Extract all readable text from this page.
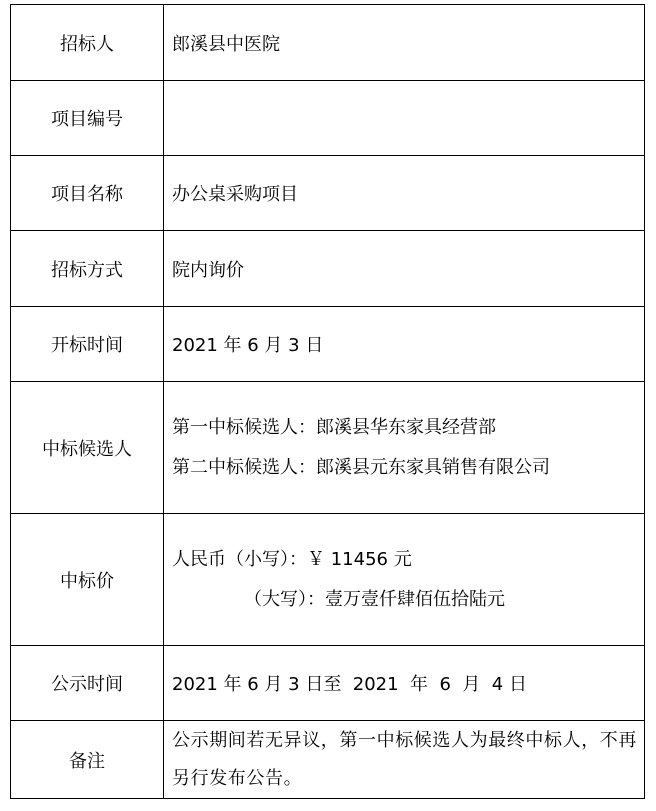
招标人	郎溪县中医院
项目编号	
项目名称	办公桌采购项目
招标方式	院内询价
开标时间	2021 年 6 月 3 日
中标候选人	第一中标候选人：郎溪县华东家具经营部
第二中标候选人：郎溪县元东家具销售有限公司

中标价	人民币（小写）：￥ 11456 元
（大写）：壹万壹仟肆佰伍拾陆元

公示时间	2021 年 6 月 3 日至  2021  年  6  月  4 日
备注	公示期间若无异议，第一中标候选人为最终中标人，不再另行发布公告。
